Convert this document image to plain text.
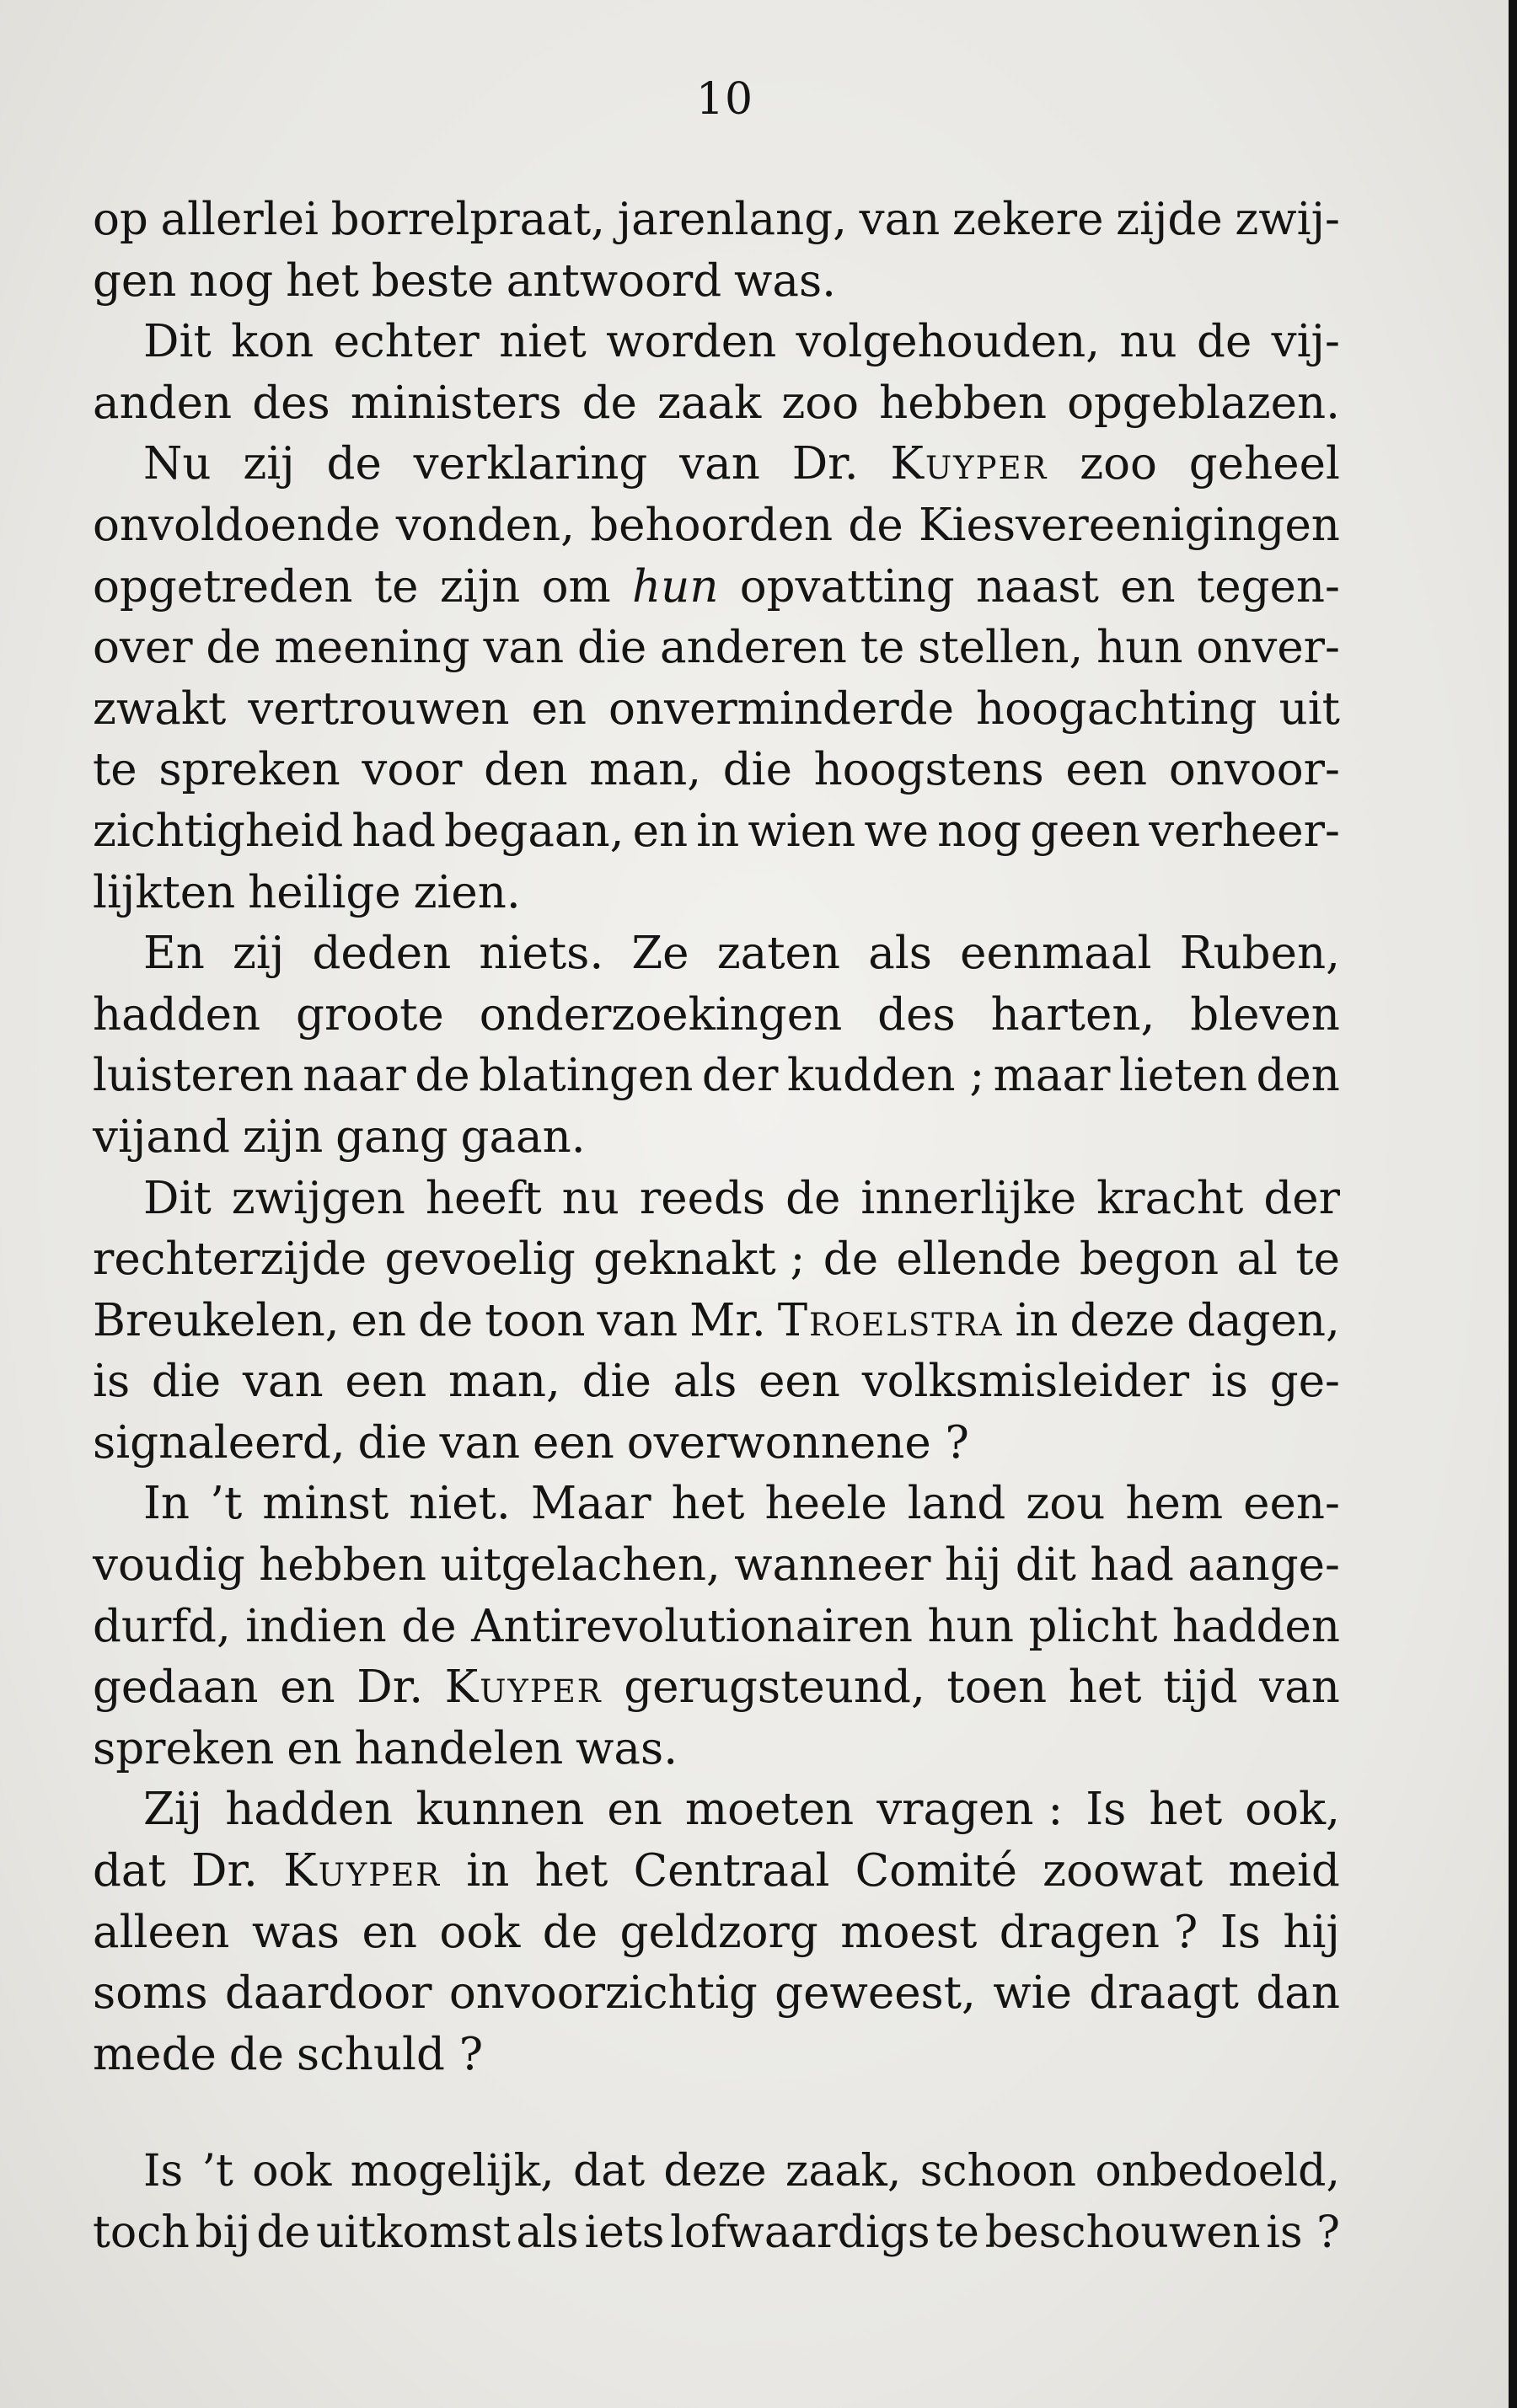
10
op allerlei borrelpraat, jarenlang, van zekere zijde zwij-
gen nog het beste antwoord was.
Dit kon echter niet worden volgehouden, nu de vij-
anden des ministers de zaak zoo hebben opgeblazen.
Nu zij de verklaring van Dr. Kuyper zoo geheel
onvoldoende vonden, behoorden de Kiesvereenigingen
opgetreden te zijn om hun opvatting naast en tegen-
over de meening van die anderen te stellen, hun onver-
zwakt vertrouwen en onverminderde hoogachting uit
te spreken voor den man, die hoogstens een onvoor-
zichtigheid had begaan, en in wien we nog geen verheer-
lijkten heilige zien.
En zij deden niets. Ze zaten als eenmaal Ruben,
hadden groote onderzoekingen des harten, bleven
luisteren naar de blatingen der kudden ; maar lieten den
vijand zijn gang gaan.
Dit zwijgen heeft nu reeds de innerlijke kracht der
rechterzijde gevoelig geknakt ; de ellende begon al te
Breukelen, en de toon van Mr. Troelstra in deze dagen,
is die van een man, die als een volksmisleider is ge-
signaleerd, die van een overwonnene ?
In ’t minst niet. Maar het heele land zou hem een-
voudig hebben uitgelachen, wanneer hij dit had aange-
durfd, indien de Antirevolutionairen hun plicht hadden
gedaan en Dr. Kuyper gerugsteund, toen het tijd van
spreken en handelen was.
Zij hadden kunnen en moeten vragen : Is het ook,
dat Dr. Kuyper in het Centraal Comité zoowat meid
alleen was en ook de geldzorg moest dragen ? Is hij
soms daardoor onvoorzichtig geweest, wie draagt dan
mede de schuld ?
Is ’t ook mogelijk, dat deze zaak, schoon onbedoeld,
toch bij de uitkomst als iets lofwaardigs te beschouwen is ?
